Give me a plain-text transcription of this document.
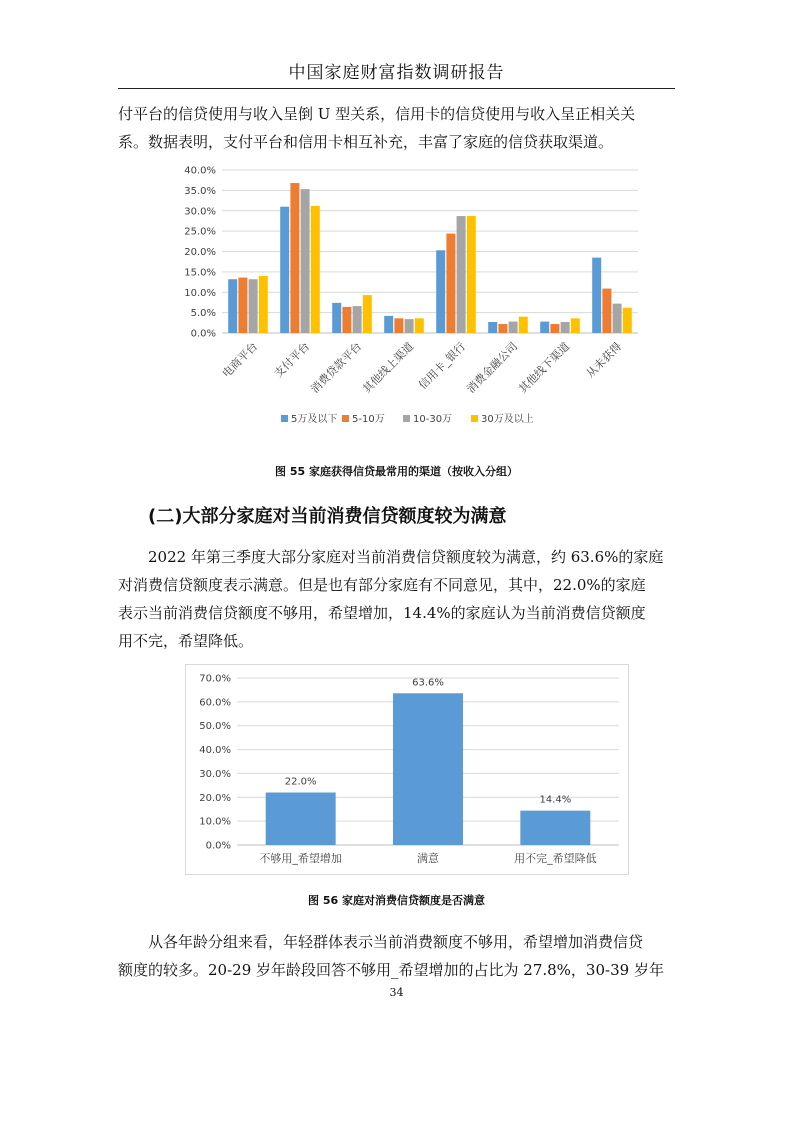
中国家庭财富指数调研报告

付平台的信贷使用与收入呈倒 U 型关系，信用卡的信贷使用与收入呈正相关关
系。数据表明，支付平台和信用卡相互补充，丰富了家庭的信贷获取渠道。

0.0%
5.0%
10.0%
15.0%
20.0%
25.0%
30.0%
35.0%
40.0%
电商平台 支付平台
消费贷款平台
其他线上渠道 信用卡_银行
消费金融公司
其他线下渠道 从未获得
5万及以下 5-10万	10-30万	30万及以上
图 55 家庭获得信贷最常用的渠道（按收入分组）
(二)大部分家庭对当前消费信贷额度较为满意

2022 年第三季度大部分家庭对当前消费信贷额度较为满意，约 63.6%的家庭
对消费信贷额度表示满意。但是也有部分家庭有不同意见，其中，22.0%的家庭
表示当前消费信贷额度不够用，希望增加，14.4%的家庭认为当前消费信贷额度
用不完，希望降低。

0.0%
10.0%
20.0%
30.0%
40.0%
50.0%
60.0%
70.0%
22.0%
不够用_希望增加
63.6%
满意
14.4%
用不完_希望降低
图 56 家庭对消费信贷额度是否满意

从各年龄分组来看，年轻群体表示当前消费额度不够用，希望增加消费信贷
额度的较多。20-29 岁年龄段回答不够用_希望增加的占比为 27.8%，30-39 岁年

34
